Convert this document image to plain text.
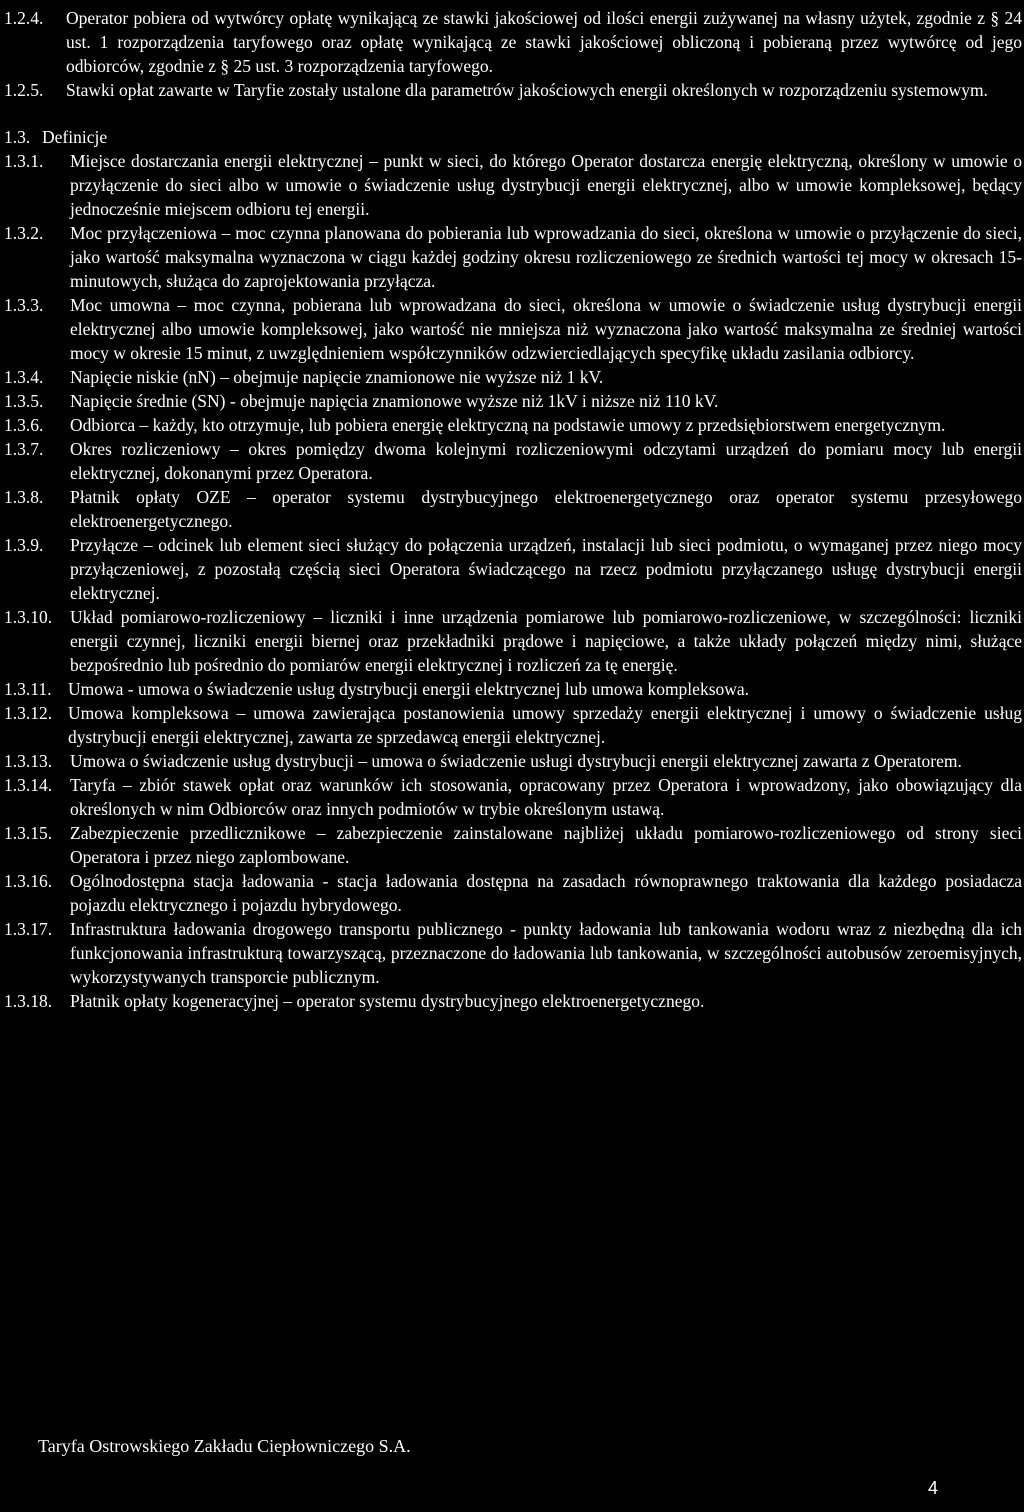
1.2.4.	Operator pobiera od wytwórcy opłatę wynikającą ze stawki jakościowej od ilości energii zużywanej na własny użytek, zgodnie z § 24 ust. 1 rozporządzenia taryfowego oraz opłatę wynikającą ze stawki jakościowej obliczoną i pobieraną przez wytwórcę od jego odbiorców, zgodnie z § 25 ust. 3 rozporządzenia taryfowego.
1.2.5.	Stawki opłat zawarte w Taryfie zostały ustalone dla parametrów jakościowych energii określonych w rozporządzeniu systemowym.
1.3. Definicje
1.3.1.	Miejsce dostarczania energii elektrycznej – punkt w sieci, do którego Operator dostarcza energię elektryczną, określony w umowie o przyłączenie do sieci albo w umowie o świadczenie usług dystrybucji energii elektrycznej, albo w umowie kompleksowej, będący jednocześnie miejscem odbioru tej energii.
1.3.2.	Moc przyłączeniowa – moc czynna planowana do pobierania lub wprowadzania do sieci, określona w umowie o przyłączenie do sieci, jako wartość maksymalna wyznaczona w ciągu każdej godziny okresu rozliczeniowego ze średnich wartości tej mocy w okresach 15-minutowych, służąca do zaprojektowania przyłącza.
1.3.3.	Moc umowna – moc czynna, pobierana lub wprowadzana do sieci, określona w umowie o świadczenie usług dystrybucji energii elektrycznej albo umowie kompleksowej, jako wartość nie mniejsza niż wyznaczona jako wartość maksymalna ze średniej wartości mocy w okresie 15 minut, z uwzględnieniem współczynników odzwierciedlających specyfikę układu zasilania odbiorcy.
1.3.4.	Napięcie niskie (nN) – obejmuje napięcie znamionowe nie wyższe niż 1 kV.
1.3.5.	Napięcie średnie (SN) - obejmuje napięcia znamionowe wyższe niż 1kV i niższe niż 110 kV.
1.3.6.	Odbiorca – każdy, kto otrzymuje, lub pobiera energię elektryczną na podstawie umowy z przedsiębiorstwem energetycznym.
1.3.7.	Okres rozliczeniowy – okres pomiędzy dwoma kolejnymi rozliczeniowymi odczytami urządzeń do pomiaru mocy lub energii elektrycznej, dokonanymi przez Operatora.
1.3.8.	Płatnik opłaty OZE – operator systemu dystrybucyjnego elektroenergetycznego oraz operator systemu przesyłowego elektroenergetycznego.
1.3.9.	Przyłącze – odcinek lub element sieci służący do połączenia urządzeń, instalacji lub sieci podmiotu, o wymaganej przez niego mocy przyłączeniowej, z pozostałą częścią sieci Operatora świadczącego na rzecz podmiotu przyłączanego usługę dystrybucji energii elektrycznej.
1.3.10.	Układ pomiarowo-rozliczeniowy – liczniki i inne urządzenia pomiarowe lub pomiarowo-rozliczeniowe, w szczególności: liczniki energii czynnej, liczniki energii biernej oraz przekładniki prądowe i napięciowe, a także układy połączeń między nimi, służące bezpośrednio lub pośrednio do pomiarów energii elektrycznej i rozliczeń za tę energię.
1.3.11. Umowa - umowa o świadczenie usług dystrybucji energii elektrycznej lub umowa kompleksowa.
1.3.12. Umowa kompleksowa – umowa zawierająca postanowienia umowy sprzedaży energii elektrycznej i umowy o świadczenie usług dystrybucji energii elektrycznej, zawarta ze sprzedawcą energii elektrycznej.
1.3.13.	Umowa o świadczenie usług dystrybucji – umowa o świadczenie usługi dystrybucji energii elektrycznej zawarta z Operatorem.
1.3.14.	Taryfa – zbiór stawek opłat oraz warunków ich stosowania, opracowany przez Operatora i wprowadzony, jako obowiązujący dla określonych w nim Odbiorców oraz innych podmiotów w trybie określonym ustawą.
1.3.15.	Zabezpieczenie przedlicznikowe – zabezpieczenie zainstalowane najbliżej układu pomiarowo-rozliczeniowego od strony sieci Operatora i przez niego zaplombowane.
1.3.16.	Ogólnodostępna stacja ładowania - stacja ładowania dostępna na zasadach równoprawnego traktowania dla każdego posiadacza pojazdu elektrycznego i pojazdu hybrydowego.
1.3.17.	Infrastruktura ładowania drogowego transportu publicznego - punkty ładowania lub tankowania wodoru wraz z niezbędną dla ich funkcjonowania infrastrukturą towarzyszącą, przeznaczone do ładowania lub tankowania, w szczególności autobusów zeroemisyjnych, wykorzystywanych transporcie publicznym.
1.3.18.	Płatnik opłaty kogeneracyjnej – operator systemu dystrybucyjnego elektroenergetycznego.
Taryfa Ostrowskiego Zakładu Ciepłowniczego S.A.
4
